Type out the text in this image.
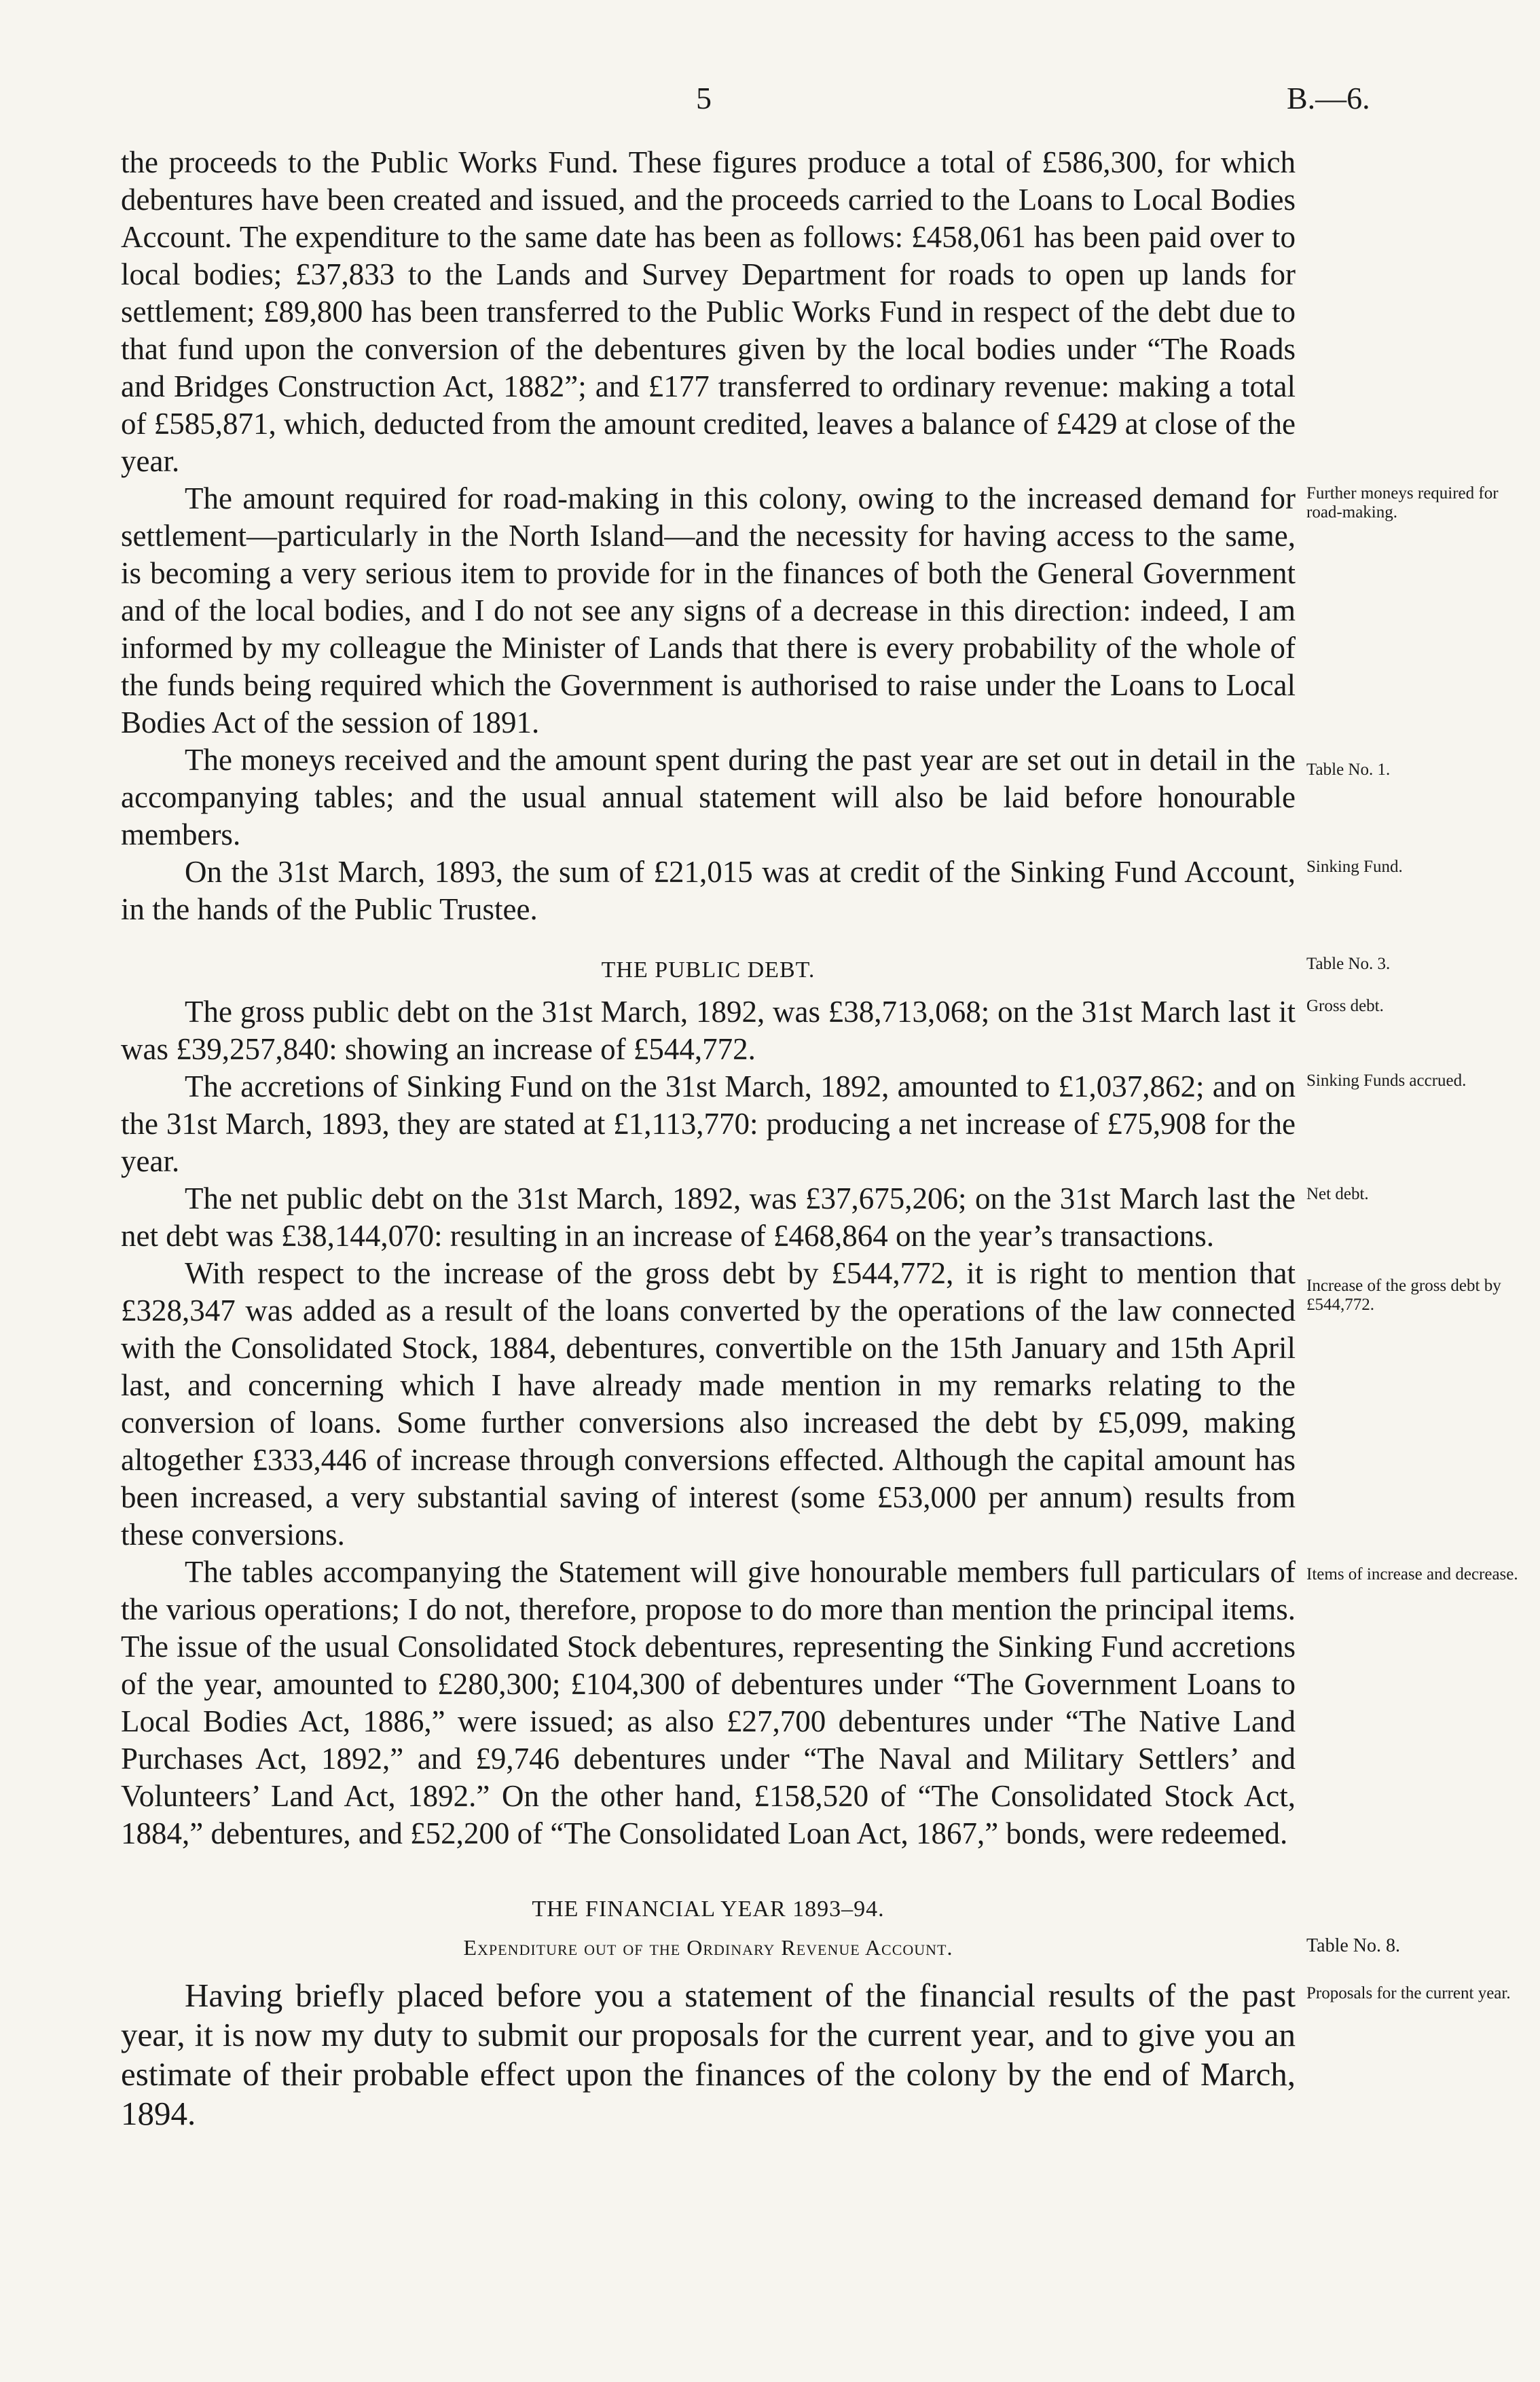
5	B.—6.

the proceeds to the Public Works Fund. These figures produce a total of £586,300, for which debentures have been created and issued, and the proceeds carried to the Loans to Local Bodies Account. The expenditure to the same date has been as follows: £458,061 has been paid over to local bodies; £37,833 to the Lands and Survey Department for roads to open up lands for settlement; £89,800 has been transferred to the Public Works Fund in respect of the debt due to that fund upon the conversion of the debentures given by the local bodies under “The Roads and Bridges Construction Act, 1882”; and £177 transferred to ordinary revenue: making a total of £585,871, which, deducted from the amount credited, leaves a balance of £429 at close of the year.

The amount required for road-making in this colony, owing to the increased demand for settlement—particularly in the North Island—and the necessity for having access to the same, is becoming a very serious item to provide for in the finances of both the General Government and of the local bodies, and I do not see any signs of a decrease in this direction: indeed, I am informed by my colleague the Minister of Lands that there is every probability of the whole of the funds being required which the Government is authorised to raise under the Loans to Local Bodies Act of the session of 1891.

The moneys received and the amount spent during the past year are set out in detail in the accompanying tables; and the usual annual statement will also be laid before honourable members.

On the 31st March, 1893, the sum of £21,015 was at credit of the Sinking Fund Account, in the hands of the Public Trustee.

THE PUBLIC DEBT.

The gross public debt on the 31st March, 1892, was £38,713,068; on the 31st March last it was £39,257,840: showing an increase of £544,772.

The accretions of Sinking Fund on the 31st March, 1892, amounted to £1,037,862; and on the 31st March, 1893, they are stated at £1,113,770: producing a net increase of £75,908 for the year.

The net public debt on the 31st March, 1892, was £37,675,206; on the 31st March last the net debt was £38,144,070: resulting in an increase of £468,864 on the year’s transactions.

With respect to the increase of the gross debt by £544,772, it is right to mention that £328,347 was added as a result of the loans converted by the operations of the law connected with the Consolidated Stock, 1884, debentures, convertible on the 15th January and 15th April last, and concerning which I have already made mention in my remarks relating to the conversion of loans. Some further conversions also increased the debt by £5,099, making altogether £333,446 of increase through conversions effected. Although the capital amount has been increased, a very substantial saving of interest (some £53,000 per annum) results from these conversions.

The tables accompanying the Statement will give honourable members full particulars of the various operations; I do not, therefore, propose to do more than mention the principal items. The issue of the usual Consolidated Stock debentures, representing the Sinking Fund accretions of the year, amounted to £280,300; £104,300 of debentures under “The Government Loans to Local Bodies Act, 1886,” were issued; as also £27,700 debentures under “The Native Land Purchases Act, 1892,” and £9,746 debentures under “The Naval and Military Settlers’ and Volunteers’ Land Act, 1892.” On the other hand, £158,520 of “The Consolidated Stock Act, 1884,” debentures, and £52,200 of “The Consolidated Loan Act, 1867,” bonds, were redeemed.

THE FINANCIAL YEAR 1893–94.
Expenditure out of the Ordinary Revenue Account.

Having briefly placed before you a statement of the financial results of the past year, it is now my duty to submit our proposals for the current year, and to give you an estimate of their probable effect upon the finances of the colony by the end of March, 1894.

Further moneys required for road-making.
Table No. 1.
Sinking Fund.
Table No. 3.
Gross debt.
Sinking Funds accrued.
Net debt.
Increase of the gross debt by £544,772.
Items of increase and decrease.
Table No. 8.
Proposals for the current year.
